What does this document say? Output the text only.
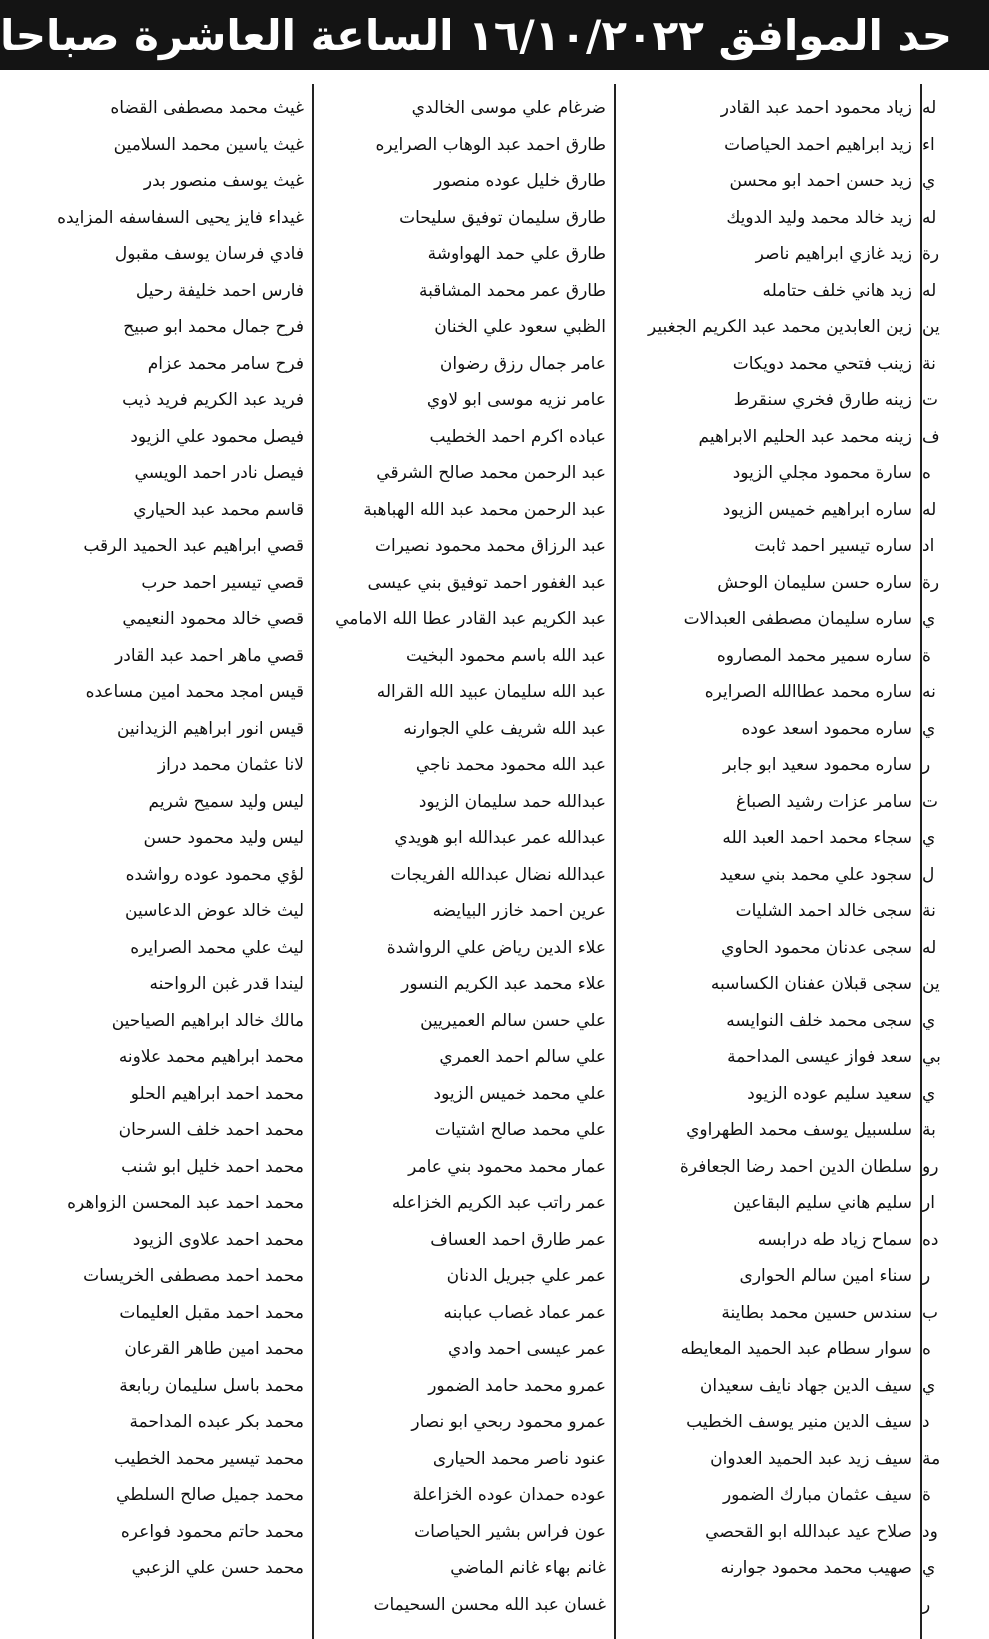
حد الموافق ١٦/١٠/٢٠٢٢ الساعة العاشرة صباحا
غيث محمد مصطفى القضاه
غيث ياسين محمد السلامين
غيث يوسف منصور بدر
غيداء فايز يحيى السفاسفه المزايده
فادي فرسان يوسف مقبول
فارس احمد خليفة رحيل
فرح جمال محمد ابو صبيح
فرح سامر محمد عزام
فريد عبد الكريم فريد ذيب
فيصل محمود علي الزيود
فيصل نادر احمد الويسي
قاسم محمد عبد الحياري
قصي ابراهيم عبد الحميد الرقب
قصي تيسير احمد حرب
قصي خالد محمود النعيمي
قصي ماهر احمد عبد القادر
قيس امجد محمد امين مساعده
قيس انور ابراهيم الزيدانين
لانا عثمان محمد دراز
ليس وليد سميح شريم
ليس وليد محمود حسن
لؤي محمود عوده رواشده
ليث خالد عوض الدعاسين
ليث علي محمد الصرايره
ليندا قدر غبن الرواحنه
مالك خالد ابراهيم الصياحين
محمد ابراهيم محمد علاونه
محمد احمد ابراهيم الحلو
محمد احمد خلف السرحان
محمد احمد خليل ابو شنب
محمد احمد عبد المحسن الزواهره
محمد احمد علاوى الزيود
محمد احمد مصطفى الخريسات
محمد احمد مقبل العليمات
محمد امين طاهر القرعان
محمد باسل سليمان ربابعة
محمد بكر عبده المداحمة
محمد تيسير محمد الخطيب
محمد جميل صالح السلطي
محمد حاتم محمود فواعره
محمد حسن علي الزعبي
ضرغام علي موسى الخالدي
طارق احمد عبد الوهاب الصرايره
طارق خليل عوده منصور
طارق سليمان توفيق سليحات
طارق علي حمد الهواوشة
طارق عمر محمد المشاقبة
الظبي سعود علي الخنان
عامر جمال رزق رضوان
عامر نزيه موسى ابو لاوي
عباده اكرم احمد الخطيب
عبد الرحمن محمد صالح الشرقي
عبد الرحمن محمد عبد الله الهباهبة
عبد الرزاق محمد محمود نصيرات
عبد الغفور احمد توفيق بني عيسى
عبد الكريم عبد القادر عطا الله الامامي
عبد الله باسم محمود البخيت
عبد الله سليمان عبيد الله القراله
عبد الله شريف علي الجوارنه
عبد الله محمود محمد ناجي
عبدالله حمد سليمان الزيود
عبدالله عمر عبدالله ابو هويدي
عبدالله نضال عبدالله الفريجات
عرين احمد خازر البيايضه
علاء الدين رياض علي الرواشدة
علاء محمد عبد الكريم النسور
علي حسن سالم العميريين
علي سالم احمد العمري
علي محمد خميس الزيود
علي محمد صالح اشتيات
عمار محمد محمود بني عامر
عمر راتب عبد الكريم الخزاعله
عمر طارق احمد العساف
عمر علي جبريل الدنان
عمر عماد غصاب عبابنه
عمر عيسى احمد وادي
عمرو محمد حامد الضمور
عمرو محمود ربحي ابو نصار
عنود ناصر محمد الحيارى
عوده حمدان عوده الخزاعلة
عون فراس بشير الحياصات
غانم بهاء غانم الماضي
غسان عبد الله محسن السحيمات
زياد محمود احمد عبد القادر
زيد ابراهيم احمد الحياصات
زيد حسن احمد ابو محسن
زيد خالد محمد وليد الدويك
زيد غازي ابراهيم ناصر
زيد هاني خلف حتامله
زين العابدين محمد عبد الكريم الجغبير
زينب فتحي محمد دويكات
زينه طارق فخري سنقرط
زينه محمد عبد الحليم الابراهيم
سارة محمود مجلي الزيود
ساره ابراهيم خميس الزيود
ساره تيسير احمد ثابت
ساره حسن سليمان الوحش
ساره سليمان مصطفى العبدالات
ساره سمير محمد المصاروه
ساره محمد عطاالله الصرايره
ساره محمود اسعد عوده
ساره محمود سعيد ابو جابر
سامر عزات رشيد الصباغ
سجاء محمد احمد العبد الله
سجود علي محمد بني سعيد
سجى خالد احمد الشليات
سجى عدنان محمود الحاوي
سجى قبلان عفنان الكساسبه
سجى محمد خلف النوايسه
سعد فواز عيسى المداحمة
سعيد سليم عوده الزيود
سلسبيل يوسف محمد الطهراوي
سلطان الدين احمد رضا الجعافرة
سليم هاني سليم البقاعين
سماح زياد طه درابسه
سناء امين سالم الحوارى
سندس حسين محمد بطاينة
سوار سطام عبد الحميد المعايطه
سيف الدين جهاد نايف سعيدان
سيف الدين منير يوسف الخطيب
سيف زيد عبد الحميد العدوان
سيف عثمان مبارك الضمور
صلاح عيد عبدالله ابو القحصي
صهيب محمد محمود جوارنه
له
اء
ي
له
رة
له
ين
نة
ت
ف
ه
له
اد
رة
ي
ة
نه
ي
ر
ت
ي
ل
نة
له
ين
ي
بي
ي
بة
رو
ار
ده
ر
ب
ه
ي
د
مة
ة
ود
ي
ر
